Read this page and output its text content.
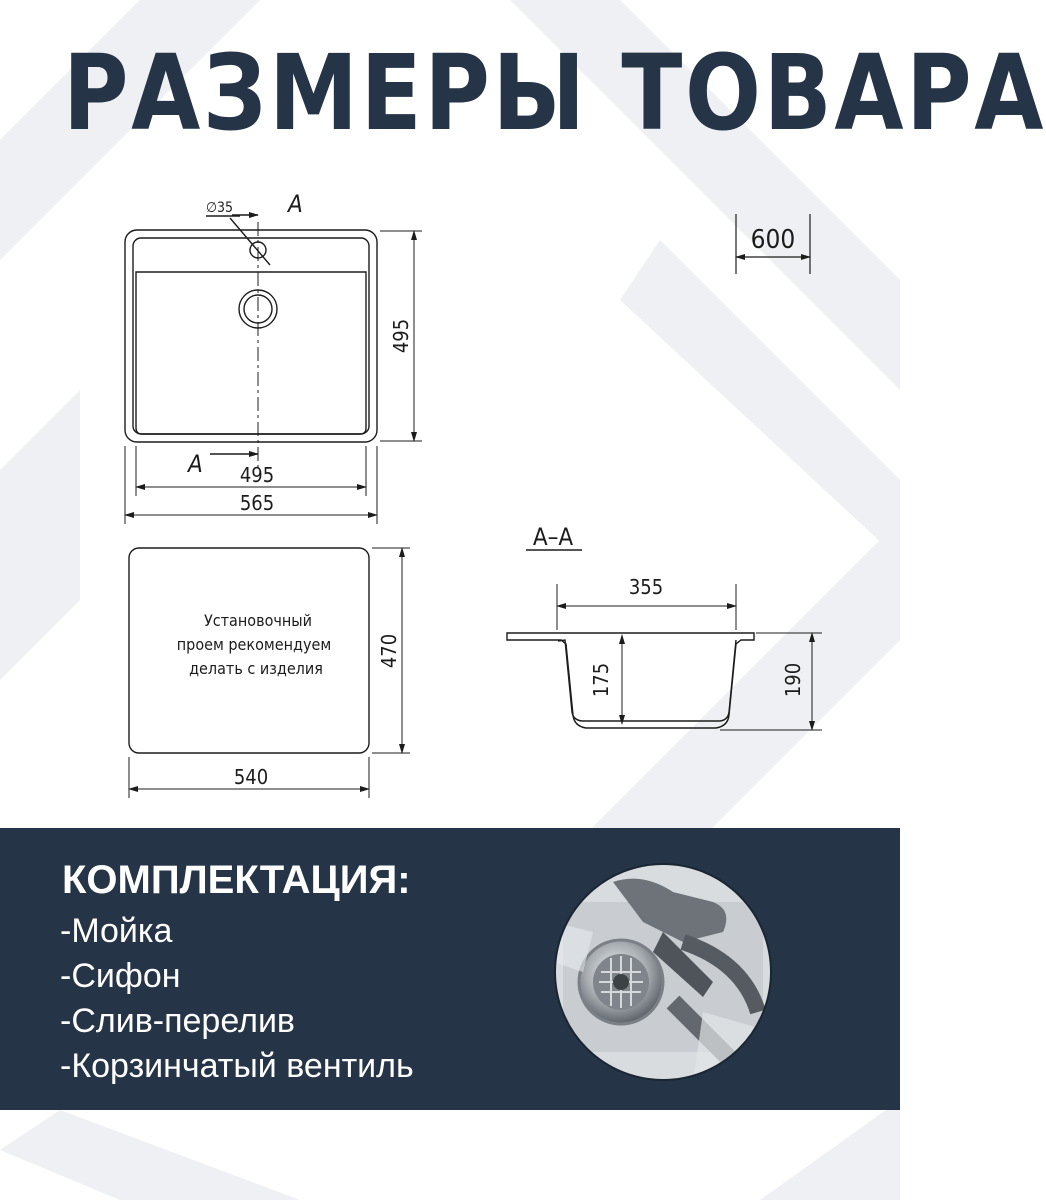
РАЗМЕРЫ ТОВАРА
∅35 A
A
495
495
565
600
Установочный
проем рекомендуем
делать с изделия
470
540
А–А
355
175	190
КОМПЛЕКТАЦИЯ:
-Мойка
-Сифон
-Слив-перелив
-Корзинчатый вентиль
